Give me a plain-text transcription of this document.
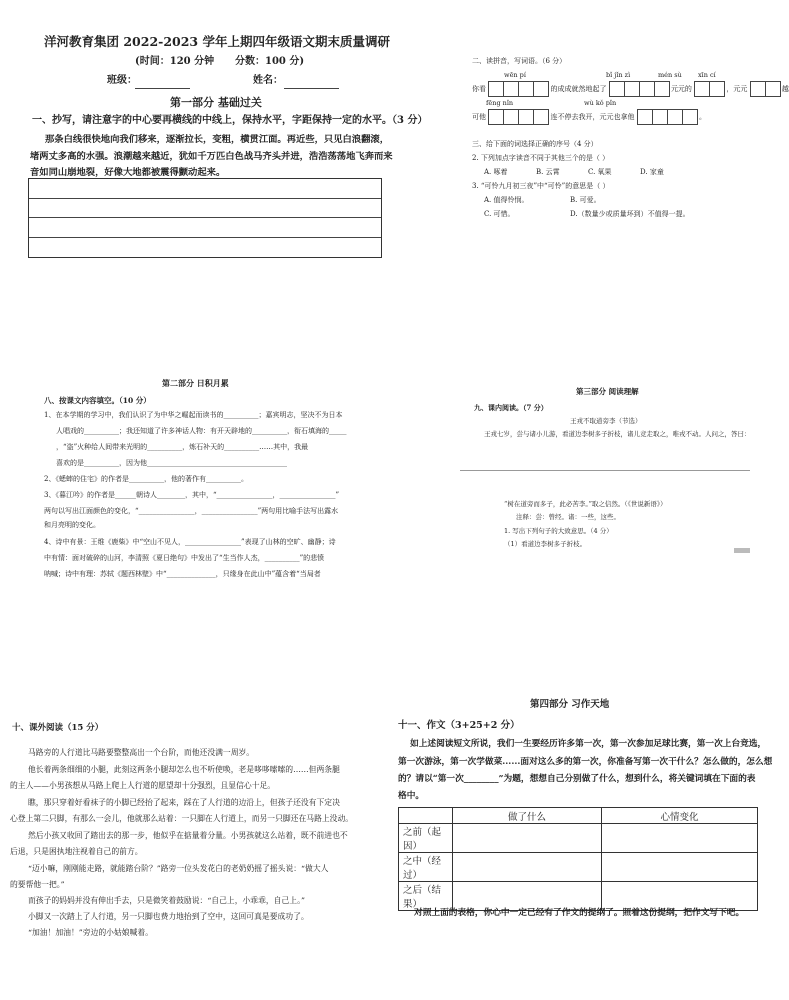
洋河教育集团 2022-2023 学年上期四年级语文期末质量调研
(时间：120 分钟 分数：100 分)
班级：	姓名：
第一部分 基础过关
一、抄写，请注意字的中心要再横线的中线上，保持水平，字距保持一定的水平。（3 分）
那条白线很快地向我们移来，逐渐拉长，变粗，横贯江面。再近些，只见白浪翻滚，
堵两丈多高的水强。浪潮越来越近，犹如千万匹白色战马齐头并进，浩浩荡荡地飞奔而来
音如同山崩地裂，好像大地都被震得颤动起来。
二、读拼音，写词语。（6 分）
wēn pí	bǐ jǐn zì	mén sù xīn cí
你看	的成成就然地起了	元元的	，元元	越
fēng nǐn	wù kǒ pǐn
可他	连不停去我开，元元也拿他	。
三、给下面的词选择正确的序号（4 分）
2. 下列加点字读音不同于其他三个的是（ ）
A. 啄着	B. 云霄	C. 氧果	D. 家童
3. “可怜九月初三夜”中“可怜”的意思是（ ）
A. 值得怜悯。	B. 可爱。
C. 可惜。	D.（数量少或质量坏到）不值得一提。
第二部分 日积月累
八、按课文内容填空。（10 分）
1、在本学期的学习中，我们认识了为中华之崛起而读书的__________；嘉宾明志，坚决不为日本
人唱戏的__________；我还知道了许多神话人物：有开天辟地的__________，衔石填海的_____
，“盗”火种给人间带来光明的__________，炼石补天的__________……其中，我最
喜欢的是__________，因为他________________________________________
2、《蟋蟀的住宅》的作者是__________，他的著作有__________。
3、《暮江吟》的作者是______朝诗人________，其中，“________________，________________”
两句以写出江面颜色的变化，“________________，________________”两句用比喻手法写出露水
和月亮明的变化。
4、诗中有景：王维《鹿柴》中“空山不见人，________________”表现了山林的空旷、幽静；诗
中有情：面对破碎的山河，李清照《夏日绝句》中发出了“生当作人杰，__________”的悲愤
呐喊；诗中有理：苏轼《题西林壁》中“______________，只缘身在此山中”蕴含着“当局者
第三部分 阅读理解
九、课内阅读。（7 分）
王戎不取道旁李（节选）
王戎七岁，尝与诸小儿游，看道边李树多子折枝，诸儿竞走取之，唯戎不动。人问之，答曰：
“树在道旁而多子，此必苦李。”取之信然。（《世说新语》）
注释：尝：曾经。诸：一些，这些。
1. 写出下列句子的大致意思。（4 分）
（1）看道边李树多子折枝。
十、课外阅读（15 分）
马路旁的人行道比马路要整整高出一个台阶，而他还没满一周岁。
他长着两条细细的小腿，此刻这两条小腿却怎么也不听使唤，老是哆哆嗦嗦的……但两条腿
的主人——小男孩想从马路上爬上人行道的愿望却十分强烈，且显信心十足。
瞧，那只穿着好看袜子的小脚已经抬了起来，踩在了人行道的边沿上，但孩子还没有下定决
心登上第二只脚，有那么一会儿，他就那么站着：一只脚在人行道上，而另一只脚还在马路上没动。
然后小孩又收回了踏出去的那一步，他似乎在掂量着分量。小男孩就这么站着，既不前进也不
后退，只是困执地注视着自己的前方。
“迈小嘛，刚刚能走路，就能踏台阶？”路旁一位头发花白的老奶奶摇了摇头说：“做大人
的要帮他一把。”
而孩子的妈妈并没有伸出手去，只是微笑着鼓励说：“自己上，小乖乖，自己上。”
小脚又一次踏上了人行道，另一只脚也费力地抬到了空中，这回可真是要成功了。
“加油！加油！”旁边的小姑娘喊着。
第四部分 习作天地
十一、作文（3+25+2 分）
如上述阅读短文所说，我们一生要经历许多第一次，第一次参加足球比赛，第一次上台竞选，
第一次游泳，第一次学做菜......面对这么多的第一次，你准备写第一次干什么？怎么做的，怎么想
的？请以“第一次________”为题，想想自己分别做了什么，想到什么，将关键词填在下面的表
格中。
	做了什么	心情变化
之前（起因）		
之中（经过）		
之后（结果）		
对照上面的表格，你心中一定已经有了作文的提纲了。照着这份提纲，把作文写下吧。
